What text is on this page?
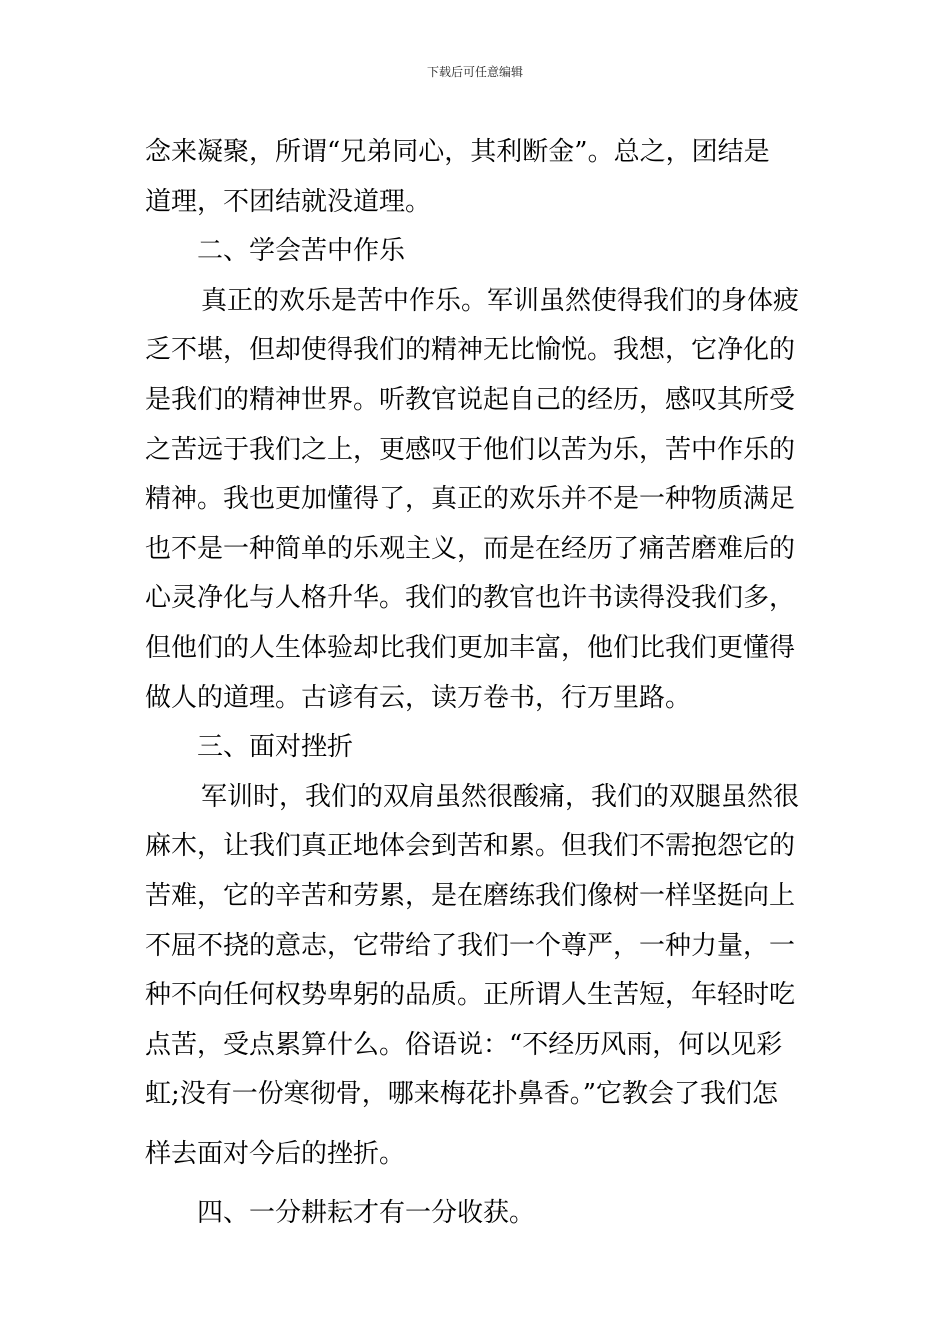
下载后可任意编辑
念来凝聚，所谓“兄弟同心，其利断金”。总之，团结是
道理，不团结就没道理。
二、学会苦中作乐
真正的欢乐是苦中作乐。军训虽然使得我们的身体疲
乏不堪，但却使得我们的精神无比愉悦。我想，它净化的
是我们的精神世界。听教官说起自己的经历，感叹其所受
之苦远于我们之上，更感叹于他们以苦为乐，苦中作乐的
精神。我也更加懂得了，真正的欢乐并不是一种物质满足
也不是一种简单的乐观主义，而是在经历了痛苦磨难后的
心灵净化与人格升华。我们的教官也许书读得没我们多，
但他们的人生体验却比我们更加丰富，他们比我们更懂得
做人的道理。古谚有云，读万卷书，行万里路。
三、面对挫折
军训时，我们的双肩虽然很酸痛，我们的双腿虽然很
麻木，让我们真正地体会到苦和累。但我们不需抱怨它的
苦难，它的辛苦和劳累，是在磨练我们像树一样坚挺向上
不屈不挠的意志，它带给了我们一个尊严，一种力量，一
种不向任何权势卑躬的品质。正所谓人生苦短，年轻时吃
点苦，受点累算什么。俗语说：“不经历风雨，何以见彩
虹;没有一份寒彻骨，哪来梅花扑鼻香。”它教会了我们怎
样去面对今后的挫折。
四、一分耕耘才有一分收获。
